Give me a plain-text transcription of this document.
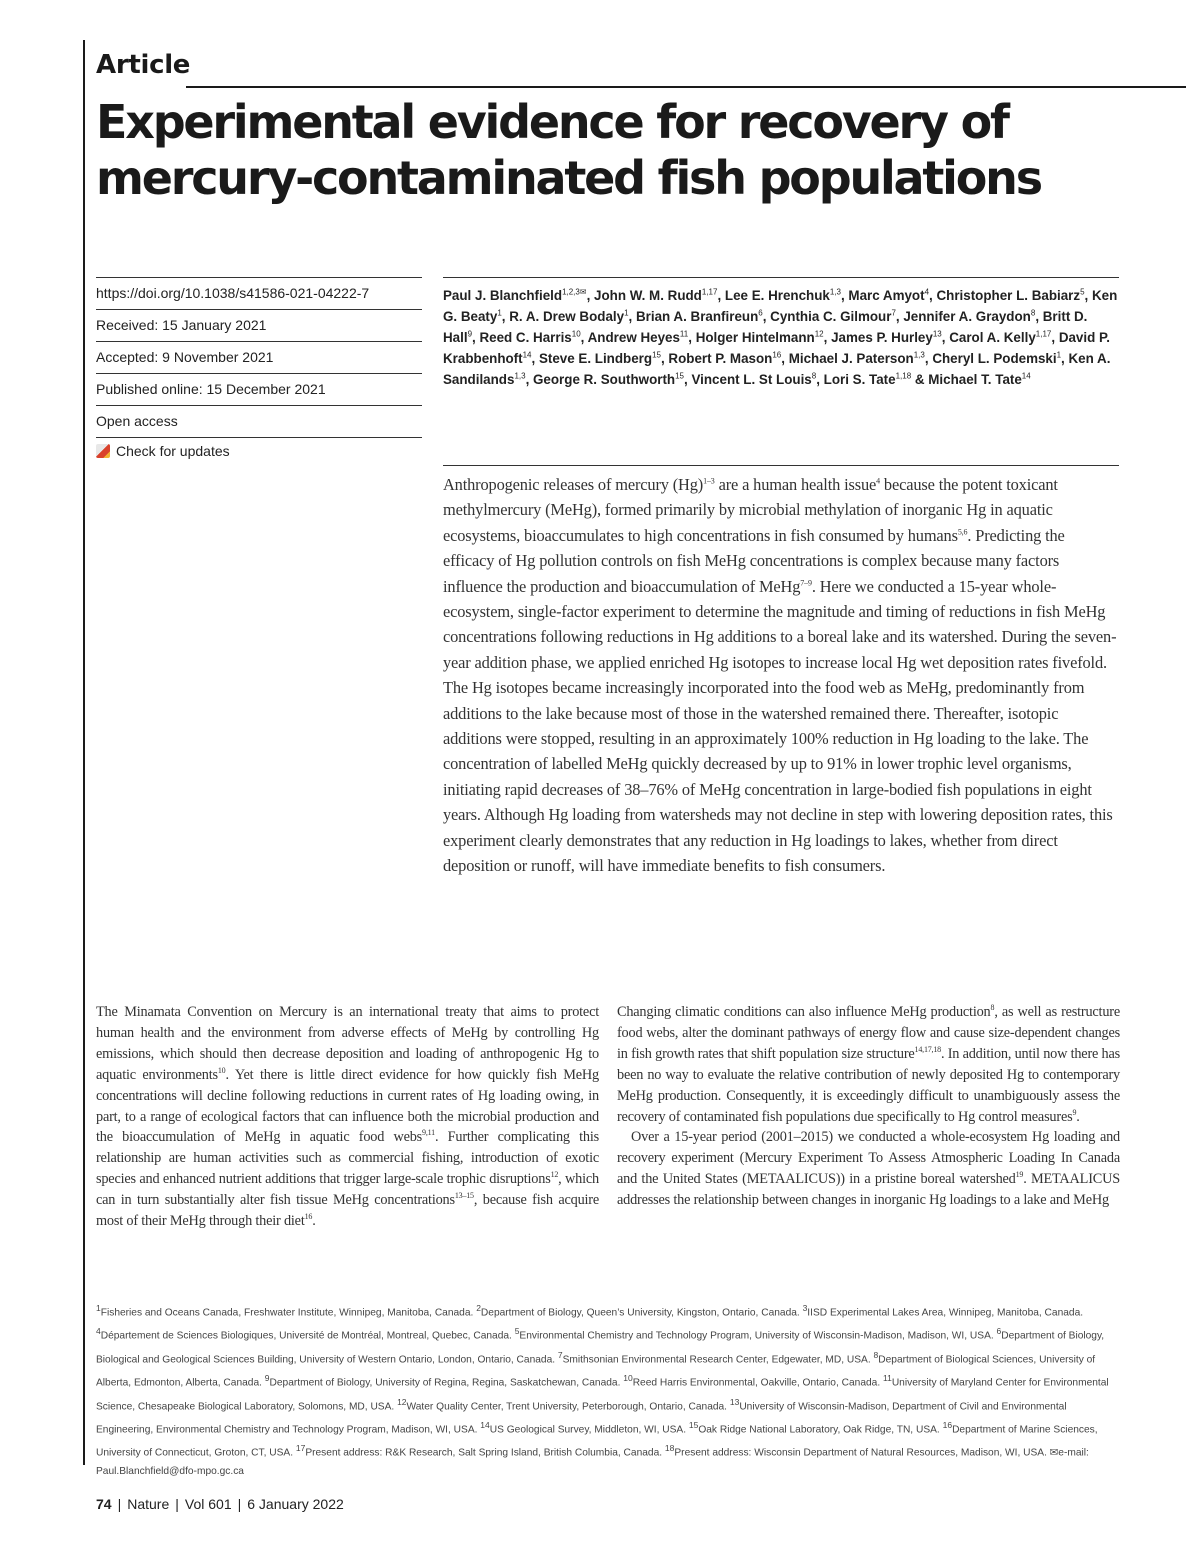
Article
Experimental evidence for recovery of mercury-contaminated fish populations
https://doi.org/10.1038/s41586-021-04222-7
Received: 15 January 2021
Accepted: 9 November 2021
Published online: 15 December 2021
Open access
Check for updates
Paul J. Blanchfield$^{1,2,3✉}$, John W. M. Rudd$^{1,17}$, Lee E. Hrenchuk$^{1,3}$, Marc Amyot$^4$, Christopher L. Babiarz$^5$, Ken G. Beaty$^1$, R. A. Drew Bodaly$^1$, Brian A. Branfireun$^6$, Cynthia C. Gilmour$^7$, Jennifer A. Graydon$^8$, Britt D. Hall$^9$, Reed C. Harris$^{10}$, Andrew Heyes$^{11}$, Holger Hintelmann$^{12}$, James P. Hurley$^{13}$, Carol A. Kelly$^{1,17}$, David P. Krabbenhoft$^{14}$, Steve E. Lindberg$^{15}$, Robert P. Mason$^{16}$, Michael J. Paterson$^{1,3}$, Cheryl L. Podemski$^1$, Ken A. Sandilands$^{1,3}$, George R. Southworth$^{15}$, Vincent L. St Louis$^8$, Lori S. Tate$^{1,18}$ & Michael T. Tate$^{14}$

Anthropogenic releases of mercury $(Hg)^{1-3}$ are a human health issue$^4$ because the potent toxicant methylmercury (MeHg), formed primarily by microbial methylation of inorganic Hg in aquatic ecosystems, bioaccumulates to high concentrations in fish consumed by humans$^{5,6}$. Predicting the efficacy of Hg pollution controls on fish MeHg concentrations is complex because many factors influence the production and bioaccumulation of MeHg$^{7-9}$. Here we conducted a 15-year whole-ecosystem, single-factor experiment to determine the magnitude and timing of reductions in fish MeHg concentrations following reductions in Hg additions to a boreal lake and its watershed. During the seven-year addition phase, we applied enriched Hg isotopes to increase local Hg wet deposition rates fivefold. The Hg isotopes became increasingly incorporated into the food web as MeHg, predominantly from additions to the lake because most of those in the watershed remained there. Thereafter, isotopic additions were stopped, resulting in an approximately 100% reduction in Hg loading to the lake. The concentration of labelled MeHg quickly decreased by up to 91% in lower trophic level organisms, initiating rapid decreases of 38–76% of MeHg concentration in large-bodied fish populations in eight years. Although Hg loading from watersheds may not decline in step with lowering deposition rates, this experiment clearly demonstrates that any reduction in Hg loadings to lakes, whether from direct deposition or runoff, will have immediate benefits to fish consumers.

The Minamata Convention on Mercury is an international treaty that aims to protect human health and the environment from adverse effects of MeHg by controlling Hg emissions, which should then decrease deposition and loading of anthropogenic Hg to aquatic environments$^{10}$. Yet there is little direct evidence for how quickly fish MeHg concentrations will decline following reductions in current rates of Hg loading owing, in part, to a range of ecological factors that can influence both the microbial production and the bioaccumulation of MeHg in aquatic food webs$^{9,11}$. Further complicating this relationship are human activities such as commercial fishing, introduction of exotic species and enhanced nutrient additions that trigger large-scale trophic disruptions$^{12}$, which can in turn substantially alter fish tissue MeHg concentrations$^{13-15}$, because fish acquire most of their MeHg through their diet$^{16}$.

Changing climatic conditions can also influence MeHg production$^8$, as well as restructure food webs, alter the dominant pathways of energy flow and cause size-dependent changes in fish growth rates that shift population size structure$^{14,17,18}$. In addition, until now there has been no way to evaluate the relative contribution of newly deposited Hg to contemporary MeHg production. Consequently, it is exceedingly difficult to unambiguously assess the recovery of contaminated fish populations due specifically to Hg control measures$^9$.

Over a 15-year period (2001–2015) we conducted a whole-ecosystem Hg loading and recovery experiment (Mercury Experiment To Assess Atmospheric Loading In Canada and the United States (METAALICUS)) in a pristine boreal watershed$^{19}$. METAALICUS addresses the relationship between changes in inorganic Hg loadings to a lake and MeHg

$^1$Fisheries and Oceans Canada, Freshwater Institute, Winnipeg, Manitoba, Canada. $^2$Department of Biology, Queen’s University, Kingston, Ontario, Canada. $^3$IISD Experimental Lakes Area, Winnipeg, Manitoba, Canada. $^4$Département de Sciences Biologiques, Université de Montréal, Montreal, Quebec, Canada. $^5$Environmental Chemistry and Technology Program, University of Wisconsin-Madison, Madison, WI, USA. $^6$Department of Biology, Biological and Geological Sciences Building, University of Western Ontario, London, Ontario, Canada. $^7$Smithsonian Environmental Research Center, Edgewater, MD, USA. $^8$Department of Biological Sciences, University of Alberta, Edmonton, Alberta, Canada. $^9$Department of Biology, University of Regina, Regina, Saskatchewan, Canada. $^{10}$Reed Harris Environmental, Oakville, Ontario, Canada. $^{11}$University of Maryland Center for Environmental Science, Chesapeake Biological Laboratory, Solomons, MD, USA. $^{12}$Water Quality Center, Trent University, Peterborough, Ontario, Canada. $^{13}$University of Wisconsin-Madison, Department of Civil and Environmental Engineering, Environmental Chemistry and Technology Program, Madison, WI, USA. $^{14}$US Geological Survey, Middleton, WI, USA. $^{15}$Oak Ridge National Laboratory, Oak Ridge, TN, USA. $^{16}$Department of Marine Sciences, University of Connecticut, Groton, CT, USA. $^{17}$Present address: R&K Research, Salt Spring Island, British Columbia, Canada. $^{18}$Present address: Wisconsin Department of Natural Resources, Madison, WI, USA. ✉e-mail: Paul.Blanchfield@dfo-mpo.gc.ca
74 | Nature | Vol 601 | 6 January 2022
